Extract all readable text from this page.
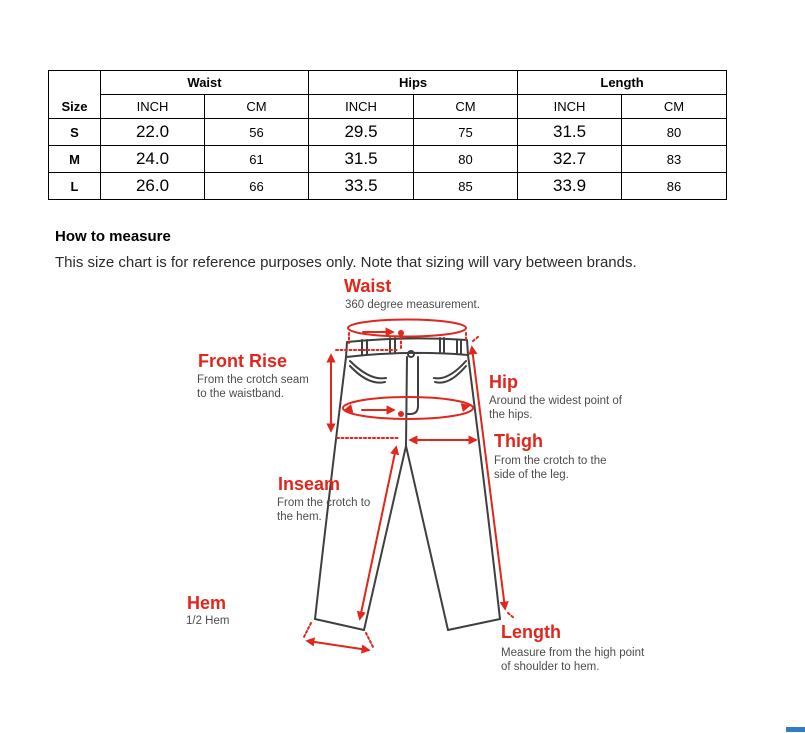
Size	Waist		Hips		Length	
	INCH	CM	INCH	CM	INCH	CM
S	22.0	56	29.5	75	31.5	80
M	24.0	61	31.5	80	32.7	83
L	26.0	66	33.5	85	33.9	86
How to measure
This size chart is for reference purposes only. Note that sizing will vary between brands.
Waist
360 degree measurement.
Front Rise
From the crotch seam to the waistband.
Hip
Around the widest point of the hips.
Thigh
From the crotch to the side of the leg.
Inseam
From the crotch to the hem.
Hem
1/2 Hem
Length
Measure from the high point of shoulder to hem.
